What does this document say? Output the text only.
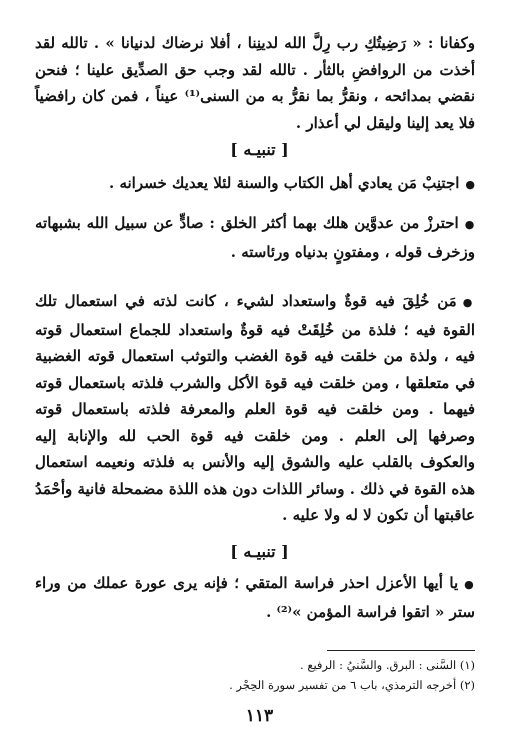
وكفانا : « رَضِيتُكِ رب رِلَّ الله لدينِنا ، أفلا نرضاك لدنيانا » . تالله لقد أخذت من الروافضِ بالثأر . تالله لقد وجب حق الصدِّيق علينا ؛ فنحن نقضي بمدائحه ، ونقرُّ بما نقرُّ به من السنى⁽¹⁾ عيناً ، فمن كان رافضياً فلا يعد إلينا وليقل لي أعذار .

[ تنبيـه ]

●اجتنِبْ مَن يعادي أهل الكتاب والسنة لئلا يعديك خسرانه .

●احترزْ من عدوَّين هلك بهما أكثر الخلق : صادٍّ عن سبيل الله بشبهاته وزخرف قوله ، ومفتونٍ بدنياه ورئاسته .

●مَن خُلِقَ فيه قوةٌ واستعداد لشيء ، كانت لذته في استعمال تلك القوة فيه ؛ فلذة من خُلِقَتْ فيه قوةٌ واستعداد للجماع استعمال قوته فيه ، ولذة من خلقت فيه قوة الغضب والتوثب استعمال قوته الغضبية في متعلقها ، ومن خلقت فيه قوة الأكل والشرب فلذته باستعمال قوته فيهما . ومن خلقت فيه قوة العلم والمعرفة فلذته باستعمال قوته وصرفها إلى العلم . ومن خلقت فيه قوة الحب لله والإنابة إليه والعكوف بالقلب عليه والشوق إليه والأنس به فلذته ونعيمه استعمال هذه القوة في ذلك . وسائر اللذات دون هذه اللذة مضمحلة فانية وأحْمَدُ عاقبتها أن تكون لا له ولا عليه .

[ تنبيـه ]

●يا أيها الأعزل احذر فراسة المتقي ؛ فإنه يرى عورة عملك من وراء ستر « اتقوا فراسة المؤمن »⁽²⁾ .

(١) السَّنى : البرق. والسَّنيُ : الرفيع .
(٢) أخرجه الترمذي، باب ٦ من تفسير سورة الحِجْر .
١١٣
